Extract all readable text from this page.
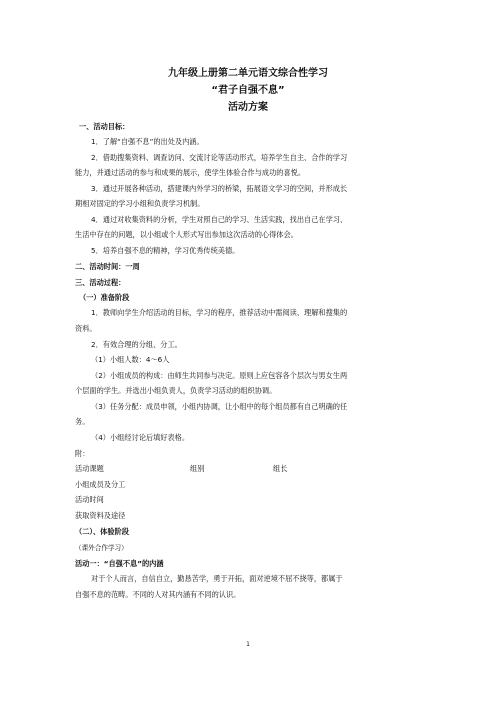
九年级上册第二单元语文综合性学习
“君子自强不息”
活动方案
一、活动目标：
1．了解“自强不息”的出处及内涵。
2．借助搜集资料、调查访问、交流讨论等活动形式，培养学生自主、合作的学习
能力，并通过活动的参与和成果的展示，使学生体验合作与成功的喜悦。
3．通过开展各种活动，搭建课内外学习的桥梁，拓展语文学习的空间，并形成长
期相对固定的学习小组和负责学习机制。
4．通过对收集资料的分析，学生对照自己的学习、生活实践，找出自己在学习、
生活中存在的问题，以小组或个人形式写出参加这次活动的心得体会。
5．培养自强不息的精神，学习优秀传统美德。
二、活动时间：一周
三、活动过程：
（一）准备阶段
1．教师向学生介绍活动的目标，学习的程序，推荐活动中需阅读、理解和搜集的
资料。
2．有效合理的分组、分工。
（1）小组人数：4～6人
（2）小组成员的构成：由师生共同参与决定。原则上应包容各个层次与男女生两
个层面的学生。并选出小组负责人，负责学习活动的组织协调。
（3）任务分配：成员申领，小组内协调，让小组中的每个组员都有自己明确的任
务。
（4）小组经讨论后填好表格。
附：
活动课题	组别	组长
小组成员及分工
活动时间
获取资料及途径
（二）、体验阶段
（课外合作学习）
活动一：“自强不息”的内涵
对于个人而言，自信自立，勤恳苦学，勇于开拓，面对逆境不屈不挠等，都属于
自强不息的范畴。不同的人对其内涵有不同的认识。
1
